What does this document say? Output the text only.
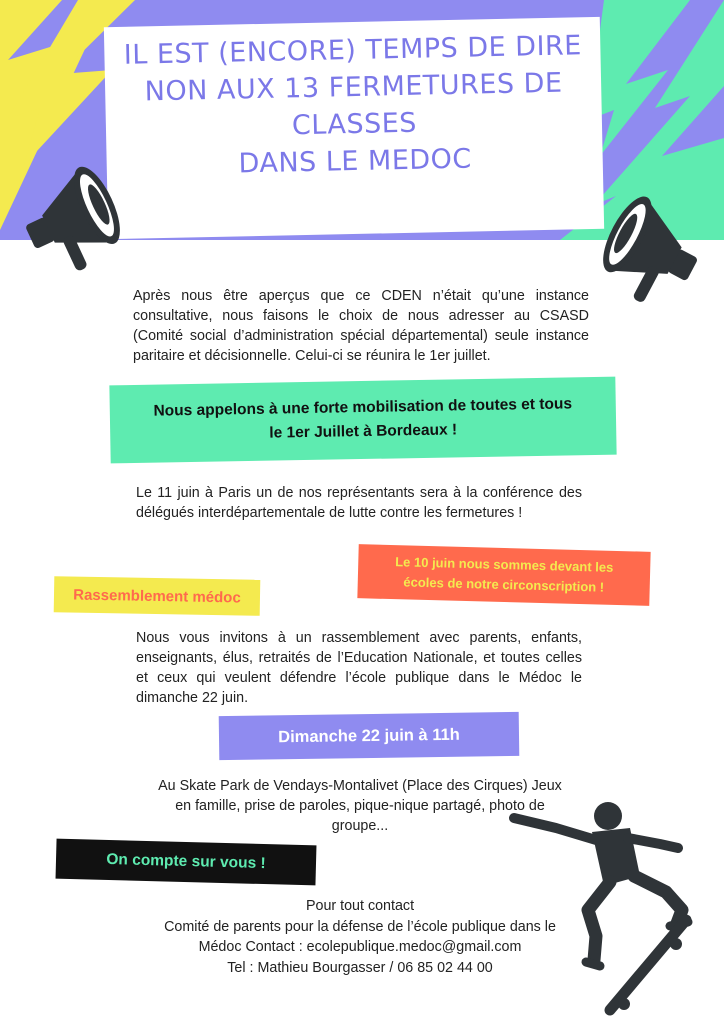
IL EST (ENCORE) TEMPS DE DIRE
NON AUX 13 FERMETURES DE
CLASSES
DANS LE MEDOC
Après nous être aperçus que ce CDEN n’était qu’une instance consultative, nous faisons le choix de nous adresser au CSASD (Comité social d’administration spécial départemental) seule instance paritaire et décisionnelle. Celui-ci se réunira le 1er juillet.
Nous appelons à une forte mobilisation de toutes et tous
le 1er Juillet à Bordeaux !
Le 11 juin à Paris un de nos représentants sera à la conférence des délégués interdépartementale de lutte contre les fermetures !
Le 10 juin nous sommes devant les
écoles de notre circonscription !
Rassemblement médoc
Nous vous invitons à un rassemblement avec parents, enfants, enseignants, élus, retraités de l’Education Nationale, et toutes celles et ceux qui veulent défendre l’école publique dans le Médoc le dimanche 22 juin.
Dimanche 22 juin à 11h
Au Skate Park de Vendays-Montalivet (Place des Cirques) Jeux
en famille, prise de paroles, pique-nique partagé, photo de
groupe...
On compte sur vous !
Pour tout contact
Comité de parents pour la défense de l’école publique dans le
Médoc Contact : ecolepublique.medoc@gmail.com
Tel : Mathieu Bourgasser / 06 85 02 44 00
